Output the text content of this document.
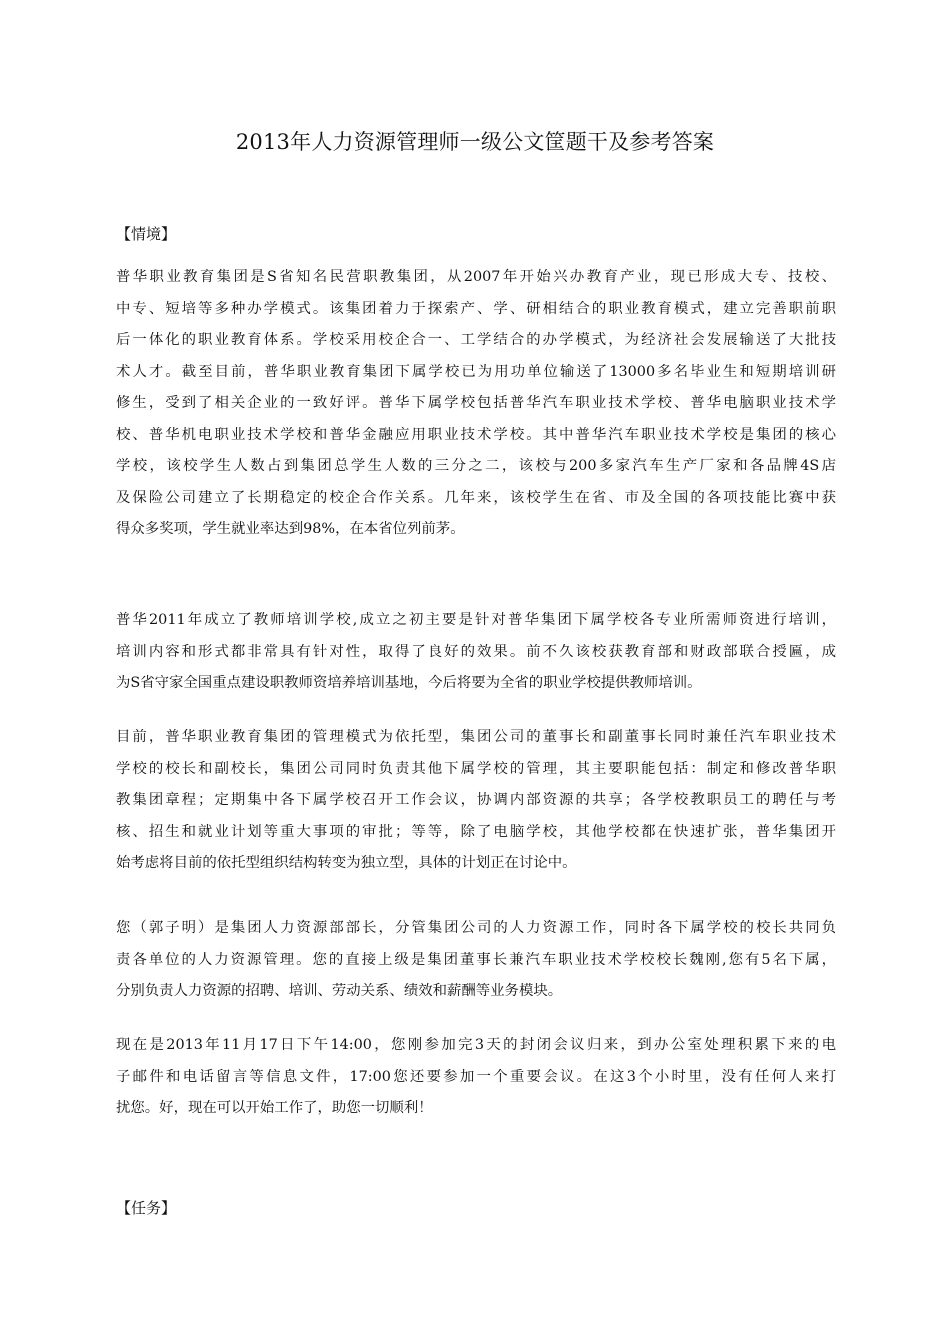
2013年人力资源管理师一级公文筐题干及参考答案
【情境】
普华职业教育集团是S省知名民营职教集团，从2007年开始兴办教育产业，现已形成大专、技校、
中专、短培等多种办学模式。该集团着力于探索产、学、研相结合的职业教育模式，建立完善职前职
后一体化的职业教育体系。学校采用校企合一、工学结合的办学模式，为经济社会发展输送了大批技
术人才。截至目前，普华职业教育集团下属学校已为用功单位输送了13000多名毕业生和短期培训研
修生，受到了相关企业的一致好评。普华下属学校包括普华汽车职业技术学校、普华电脑职业技术学
校、普华机电职业技术学校和普华金融应用职业技术学校。其中普华汽车职业技术学校是集团的核心
学校，该校学生人数占到集团总学生人数的三分之二，该校与200多家汽车生产厂家和各品牌4S店
及保险公司建立了长期稳定的校企合作关系。几年来，该校学生在省、市及全国的各项技能比赛中获
得众多奖项，学生就业率达到98%，在本省位列前茅。
普华2011年成立了教师培训学校,成立之初主要是针对普华集团下属学校各专业所需师资进行培训，
培训内容和形式都非常具有针对性，取得了良好的效果。前不久该校获教育部和财政部联合授匾，成
为S省守家全国重点建设职教师资培养培训基地，今后将要为全省的职业学校提供教师培训。
目前，普华职业教育集团的管理模式为依托型，集团公司的董事长和副董事长同时兼任汽车职业技术
学校的校长和副校长，集团公司同时负责其他下属学校的管理，其主要职能包括：制定和修改普华职
教集团章程；定期集中各下属学校召开工作会议，协调内部资源的共享；各学校教职员工的聘任与考
核、招生和就业计划等重大事项的审批；等等，除了电脑学校，其他学校都在快速扩张，普华集团开
始考虑将目前的依托型组织结构转变为独立型，具体的计划正在讨论中。
您（郭子明）是集团人力资源部部长，分管集团公司的人力资源工作，同时各下属学校的校长共同负
责各单位的人力资源管理。您的直接上级是集团董事长兼汽车职业技术学校校长魏刚,您有5名下属，
分别负责人力资源的招聘、培训、劳动关系、绩效和薪酬等业务模块。
现在是2013年11月17日下午14:00，您刚参加完3天的封闭会议归来，到办公室处理积累下来的电
子邮件和电话留言等信息文件，17:00您还要参加一个重要会议。在这3个小时里，没有任何人来打
扰您。好，现在可以开始工作了，助您一切顺利！
【任务】
